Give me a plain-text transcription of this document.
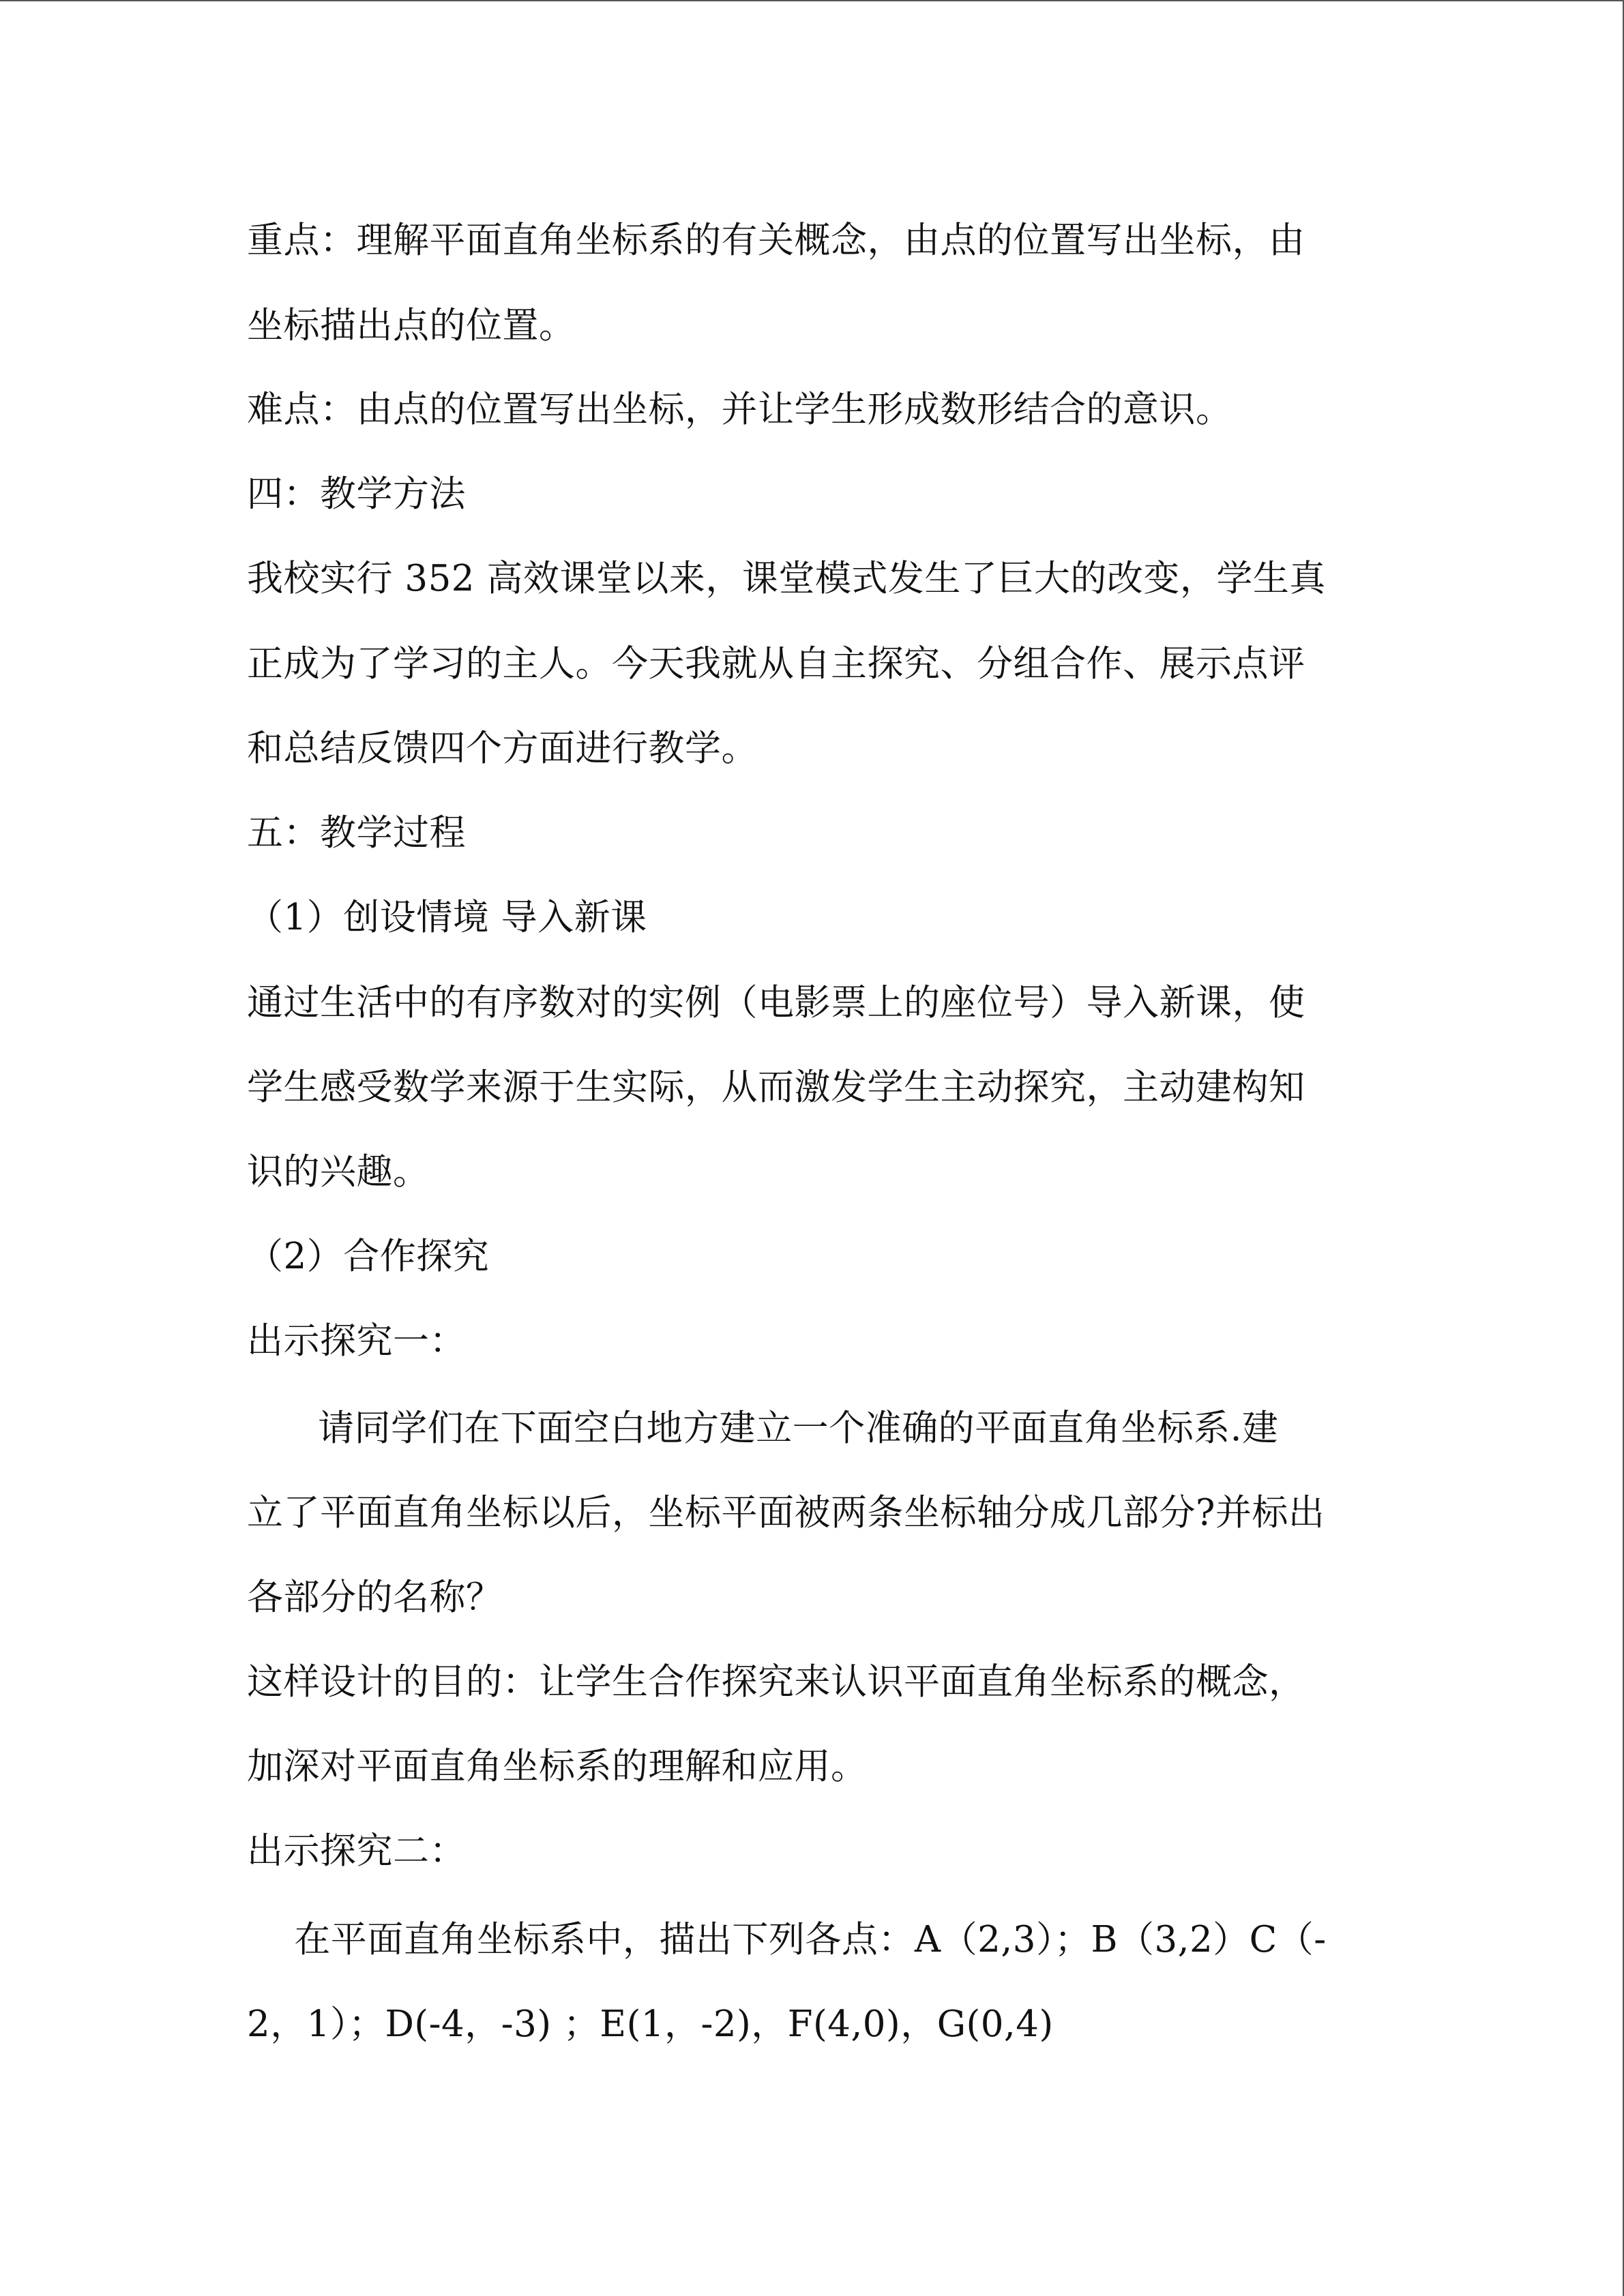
重点：理解平面直角坐标系的有关概念，由点的位置写出坐标，由
坐标描出点的位置。
难点：由点的位置写出坐标，并让学生形成数形结合的意识。
四：教学方法
我校实行 352 高效课堂以来，课堂模式发生了巨大的改变，学生真
正成为了学习的主人。今天我就从自主探究、分组合作、展示点评
和总结反馈四个方面进行教学。
五：教学过程
（1）创设情境 导入新课
通过生活中的有序数对的实例（电影票上的座位号）导入新课，使
学生感受数学来源于生实际，从而激发学生主动探究，主动建构知
识的兴趣。
（2）合作探究
出示探究一：
请同学们在下面空白地方建立一个准确的平面直角坐标系.建
立了平面直角坐标以后，坐标平面被两条坐标轴分成几部分?并标出
各部分的名称？
这样设计的目的：让学生合作探究来认识平面直角坐标系的概念，
加深对平面直角坐标系的理解和应用。
出示探究二：
在平面直角坐标系中，描出下列各点：A（2,3）；B（3,2）C（-
2，1）；D(-4，-3) ；E(1，-2)，F(4,0)，G(0,4)
